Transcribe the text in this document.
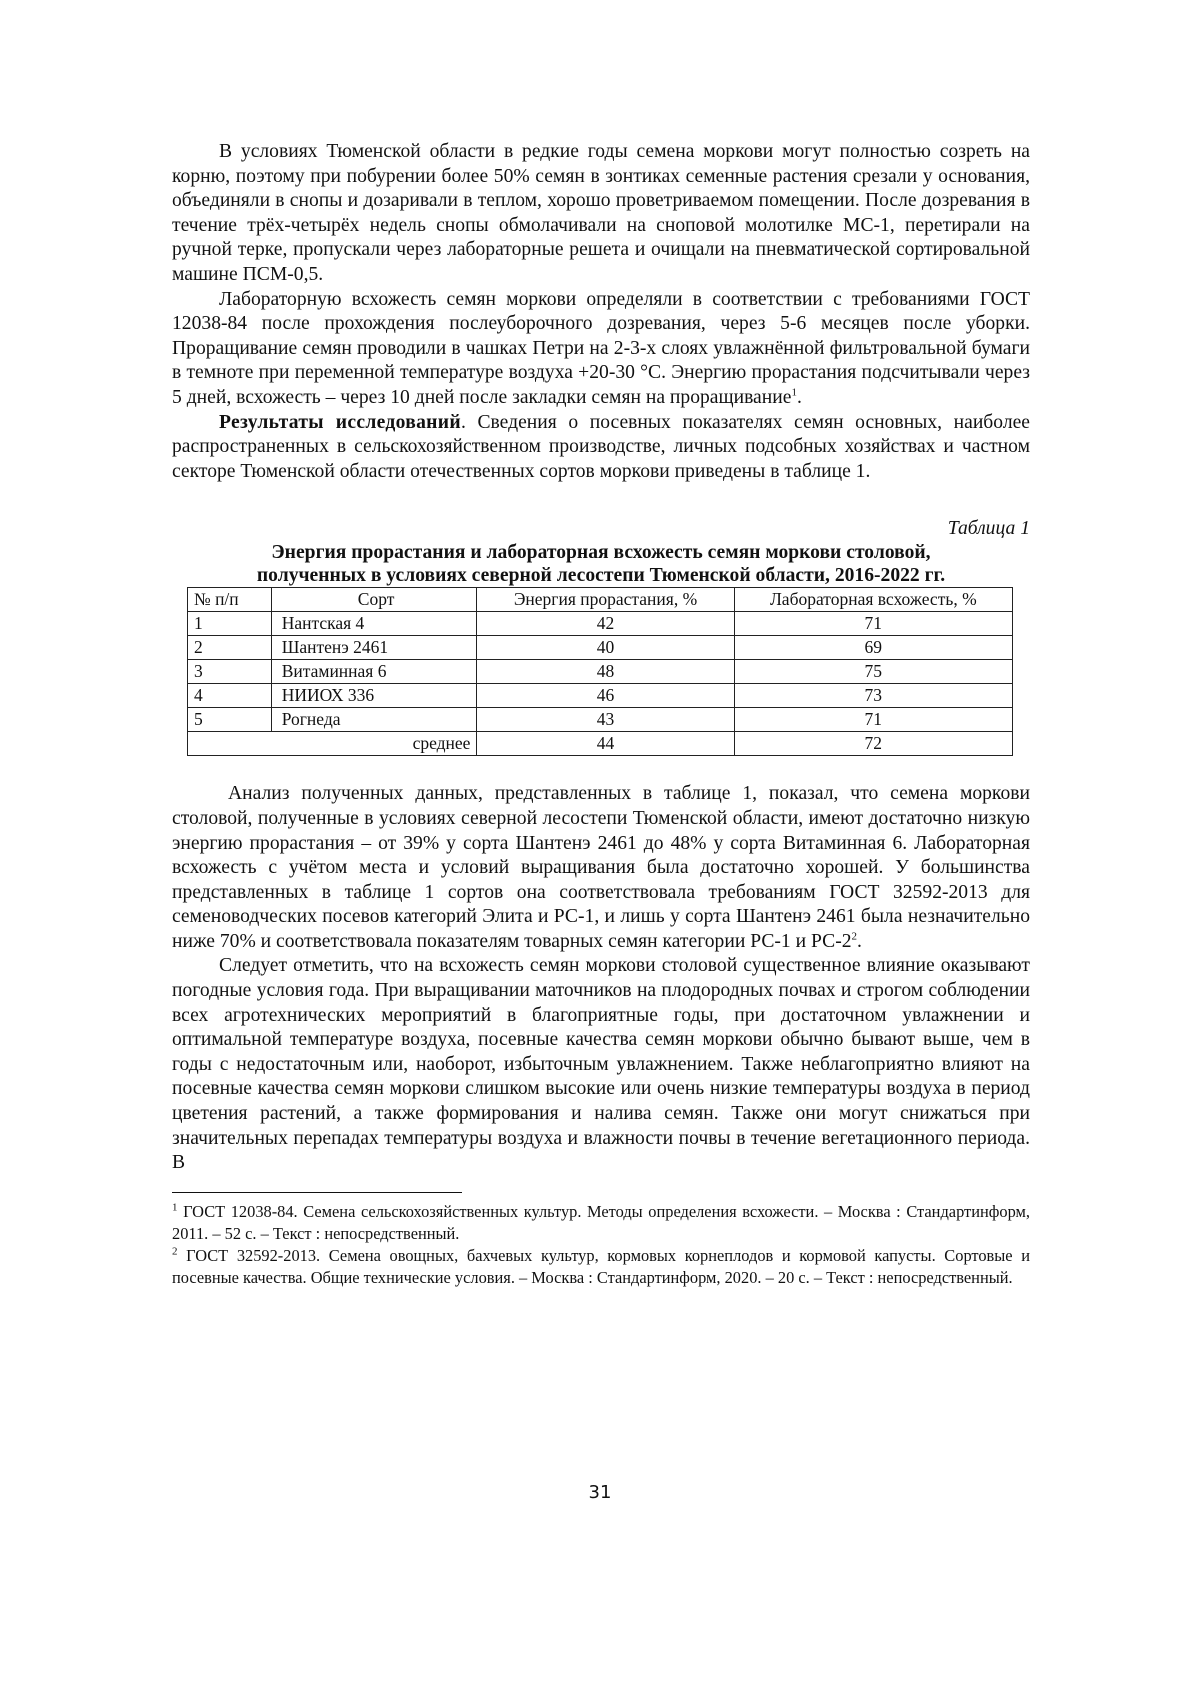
В условиях Тюменской области в редкие годы семена моркови могут полностью созреть на корню, поэтому при побурении более 50% семян в зонтиках семенные растения срезали у основания, объединяли в снопы и дозаривали в теплом, хорошо проветриваемом помещении. После дозревания в течение трёх-четырёх недель снопы обмолачивали на сноповой молотилке МС-1, перетирали на ручной терке, пропускали через лабораторные решета и очищали на пневматической сортировальной машине ПСМ-0,5.

Лабораторную всхожесть семян моркови определяли в соответствии с требованиями ГОСТ 12038-84 после прохождения послеуборочного дозревания, через 5-6 месяцев после уборки. Проращивание семян проводили в чашках Петри на 2-3-х слоях увлажнённой фильтровальной бумаги в темноте при переменной температуре воздуха +20-30 °С. Энергию прорастания подсчитывали через 5 дней, всхожесть – через 10 дней после закладки семян на проращивание$^1$.

Результаты исследований. Сведения о посевных показателях семян основных, наиболее распространенных в сельскохозяйственном производстве, личных подсобных хозяйствах и частном секторе Тюменской области отечественных сортов моркови приведены в таблице 1.

Таблица 1

Энергия прорастания и лабораторная всхожесть семян моркови столовой,

полученных в условиях северной лесостепи Тюменской области, 2016-2022 гг.

№ п/п	Сорт	Энергия прорастания, %	Лабораторная всхожесть, %
1	Нантская 4	42	71
2	Шантенэ 2461	40	69
3	Витаминная 6	48	75
4	НИИОХ 336	46	73
5	Рогнеда	43	71
среднее		44	72

Анализ полученных данных, представленных в таблице 1, показал, что семена моркови столовой, полученные в условиях северной лесостепи Тюменской области, имеют достаточно низкую энергию прорастания – от 39% у сорта Шантенэ 2461 до 48% у сорта Витаминная 6. Лабораторная всхожесть с учётом места и условий выращивания была достаточно хорошей. У большинства представленных в таблице 1 сортов она соответствовала требованиям ГОСТ 32592-2013 для семеноводческих посевов категорий Элита и РС-1, и лишь у сорта Шантенэ 2461 была незначительно ниже 70% и соответствовала показателям товарных семян категории РС-1 и $РС-2^2$.

Следует отметить, что на всхожесть семян моркови столовой существенное влияние оказывают погодные условия года. При выращивании маточников на плодородных почвах и строгом соблюдении всех агротехнических мероприятий в благоприятные годы, при достаточном увлажнении и оптимальной температуре воздуха, посевные качества семян моркови обычно бывают выше, чем в годы с недостаточным или, наоборот, избыточным увлажнением. Также неблагоприятно влияют на посевные качества семян моркови слишком высокие или очень низкие температуры воздуха в период цветения растений, а также формирования и налива семян. Также они могут снижаться при значительных перепадах температуры воздуха и влажности почвы в течение вегетационного периода. В

$^1$ ГОСТ 12038-84. Семена сельскохозяйственных культур. Методы определения всхожести. – Москва : Стандартинформ, 2011. – 52 с. – Текст : непосредственный.

$^2$ ГОСТ 32592-2013. Семена овощных, бахчевых культур, кормовых корнеплодов и кормовой капусты. Сортовые и посевные качества. Общие технические условия. – Москва : Стандартинформ, 2020. – 20 с. – Текст : непосредственный.

31
